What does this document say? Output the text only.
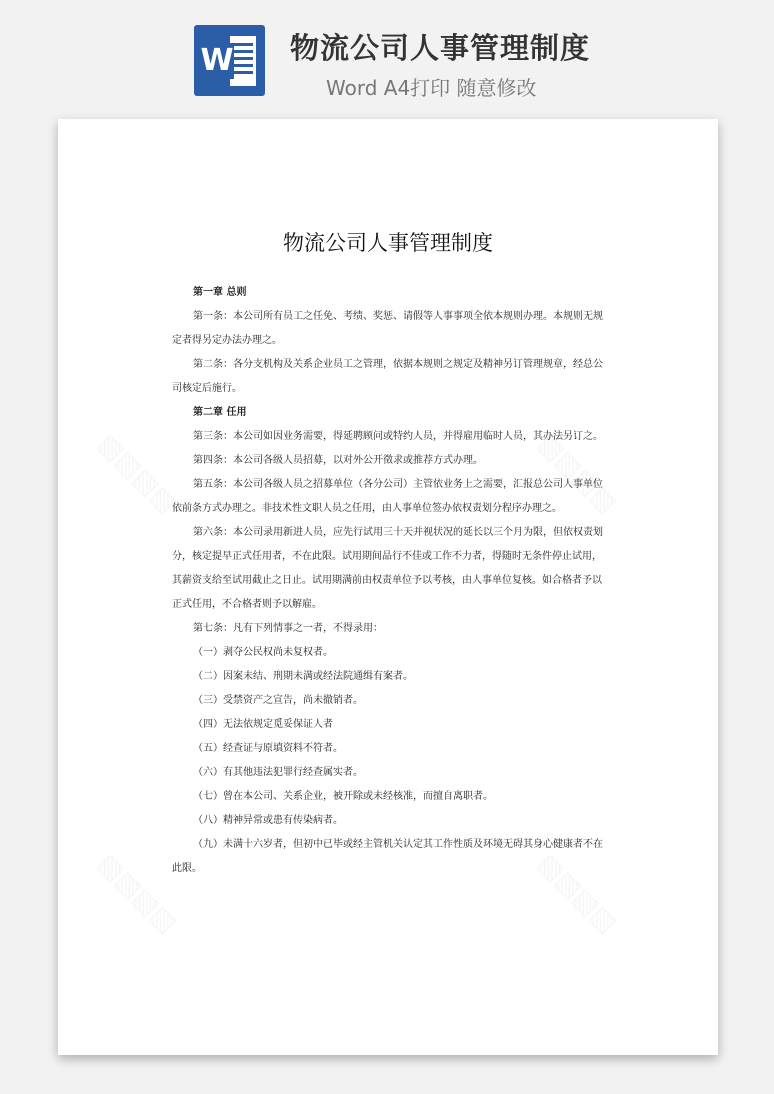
W 物流公司人事管理制度
Word A4打印 随意修改
物流公司人事管理制度

第一章 总则

第一条：本公司所有员工之任免、考绩、奖惩、请假等人事事项全依本规则办理。本规则无规定者得另定办法办理之。

第二条：各分支机构及关系企业员工之管理，依据本规则之规定及精神另订管理规章，经总公司核定后施行。

第二章 任用

第三条：本公司如因业务需要，得延聘顾问或特约人员，并得雇用临时人员，其办法另订之。

第四条：本公司各级人员招募，以对外公开徵求或推荐方式办理。

第五条：本公司各级人员之招募单位（各分公司）主管依业务上之需要，汇报总公司人事单位依前条方式办理之。非技术性文职人员之任用，由人事单位签办依权责划分程序办理之。

第六条：本公司录用新进人员，应先行试用三十天并视状况的延长以三个月为限，但依权责划分，核定提早正式任用者，不在此限。试用期间品行不佳或工作不力者，得随时无条件停止试用，其薪资支给至试用截止之日止。试用期满前由权责单位予以考核，由人事单位复核。如合格者予以正式任用，不合格者则予以解雇。

第七条：凡有下列情事之一者，不得录用：

（一）剥夺公民权尚未复权者。

（二）因案未结、刑期未满或经法院通缉有案者。

（三）受禁资产之宣告，尚未撤销者。

（四）无法依规定觅妥保证人者

（五）经查证与原填资料不符者。

（六）有其他违法犯罪行经查属实者。

（七）曾在本公司、关系企业，被开除或未经核准，而擅自离职者。

（八）精神异常或患有传染病者。

（九）未满十六岁者，但初中已毕或经主管机关认定其工作性质及环境无碍其身心健康者不在此限。
